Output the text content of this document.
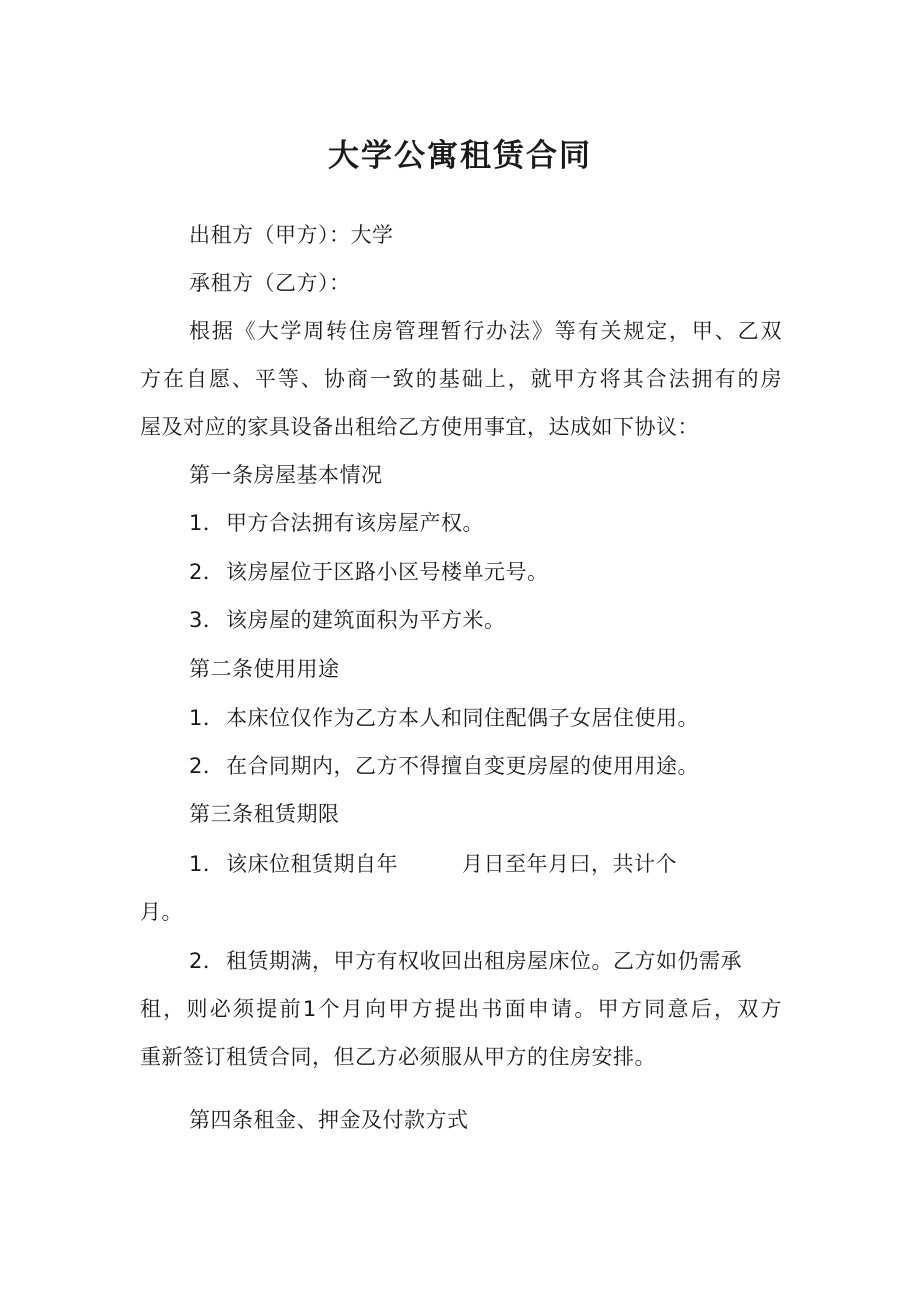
大学公寓租赁合同
出租方（甲方）：大学
承租方（乙方）：
根据《大学周转住房管理暂行办法》等有关规定，甲、乙双
方在自愿、平等、协商一致的基础上，就甲方将其合法拥有的房
屋及对应的家具设备出租给乙方使用事宜，达成如下协议：
第一条房屋基本情况
1．甲方合法拥有该房屋产权。
2．该房屋位于区路小区号楼单元号。
3．该房屋的建筑面积为平方米。
第二条使用用途
1．本床位仅作为乙方本人和同住配偶子女居住使用。
2．在合同期内，乙方不得擅自变更房屋的使用用途。
第三条租赁期限
1．该床位租赁期自年	月日至年月曰，共计个
月。
2．租赁期满，甲方有权收回出租房屋床位。乙方如仍需承
租，则必须提前1个月向甲方提出书面申请。甲方同意后，双方
重新签订租赁合同，但乙方必须服从甲方的住房安排。
第四条租金、押金及付款方式
